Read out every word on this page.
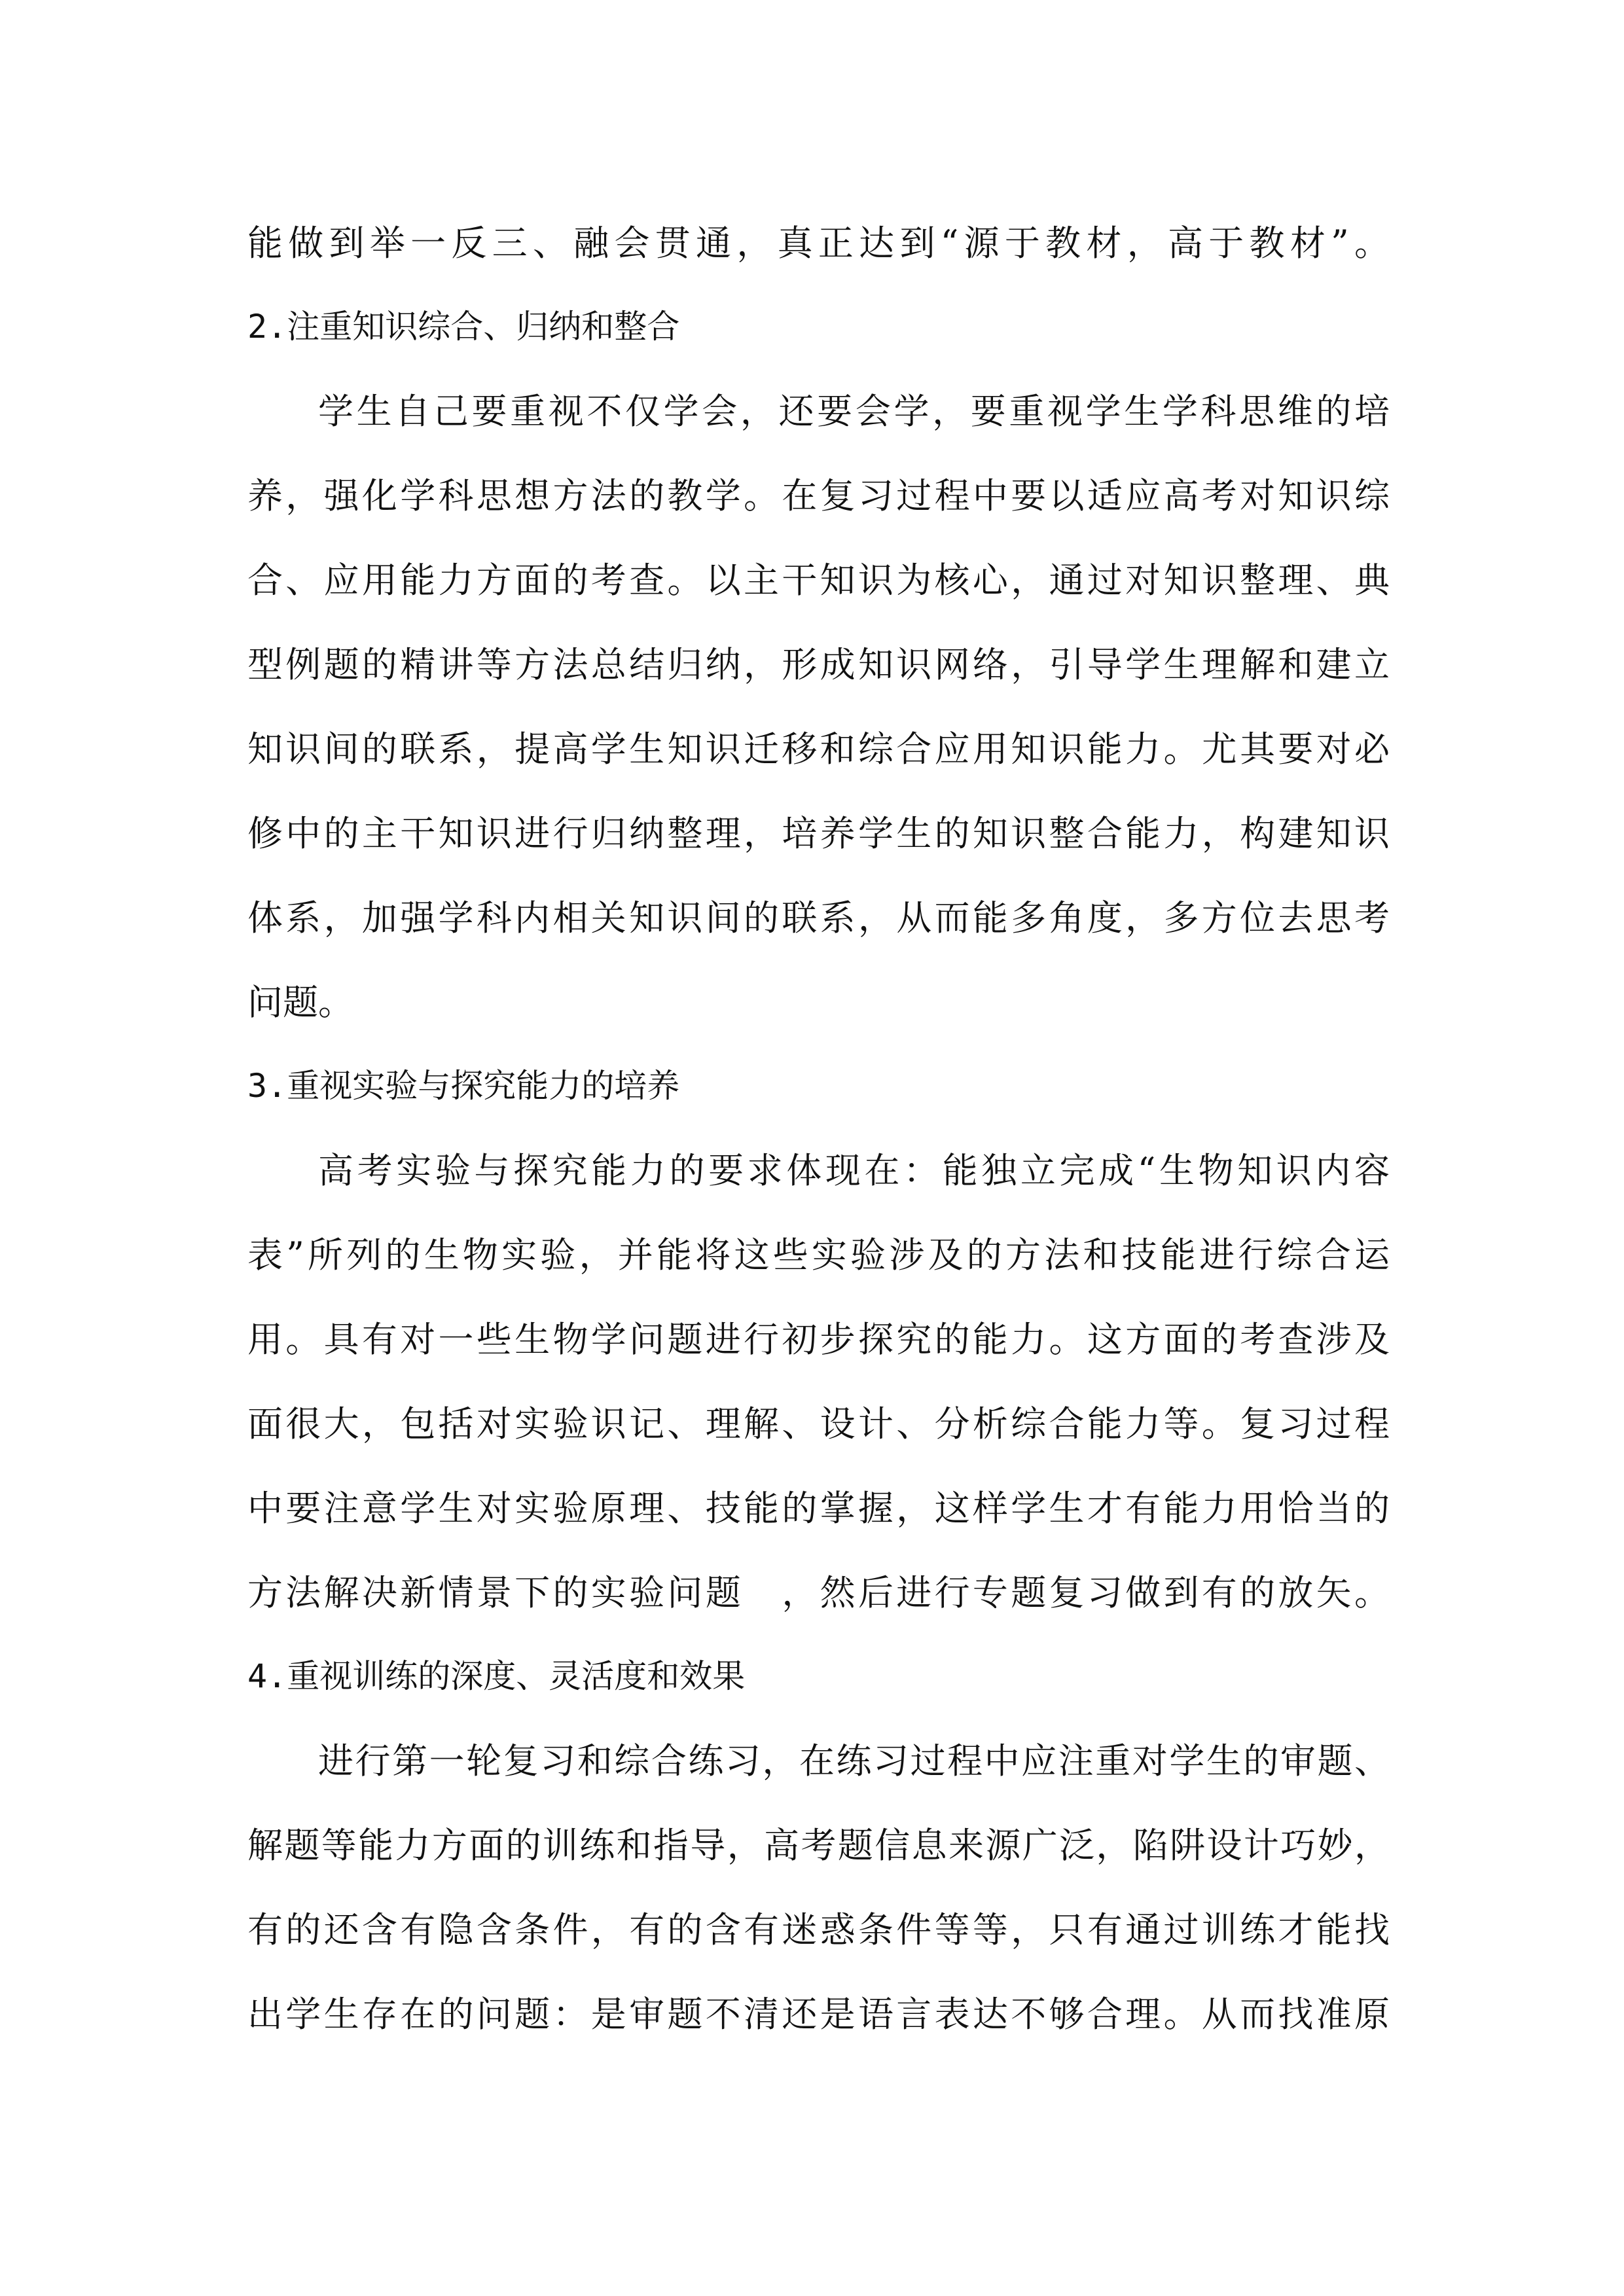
能做到举一反三、融会贯通，真正达到“源于教材，高于教材”。
2.注重知识综合、归纳和整合
学生自己要重视不仅学会，还要会学，要重视学生学科思维的培
养，强化学科思想方法的教学。在复习过程中要以适应高考对知识综
合、应用能力方面的考查。以主干知识为核心，通过对知识整理、典
型例题的精讲等方法总结归纳，形成知识网络，引导学生理解和建立
知识间的联系，提高学生知识迁移和综合应用知识能力。尤其要对必
修中的主干知识进行归纳整理，培养学生的知识整合能力，构建知识
体系，加强学科内相关知识间的联系，从而能多角度，多方位去思考
问题。
3.重视实验与探究能力的培养
高考实验与探究能力的要求体现在：能独立完成“生物知识内容
表”所列的生物实验，并能将这些实验涉及的方法和技能进行综合运
用。具有对一些生物学问题进行初步探究的能力。这方面的考查涉及
面很大，包括对实验识记、理解、设计、分析综合能力等。复习过程
中要注意学生对实验原理、技能的掌握，这样学生才有能力用恰当的
方法解决新情景下的实验问题　，然后进行专题复习做到有的放矢。
4.重视训练的深度、灵活度和效果
进行第一轮复习和综合练习，在练习过程中应注重对学生的审题、
解题等能力方面的训练和指导，高考题信息来源广泛，陷阱设计巧妙，
有的还含有隐含条件，有的含有迷惑条件等等，只有通过训练才能找
出学生存在的问题：是审题不清还是语言表达不够合理。从而找准原
